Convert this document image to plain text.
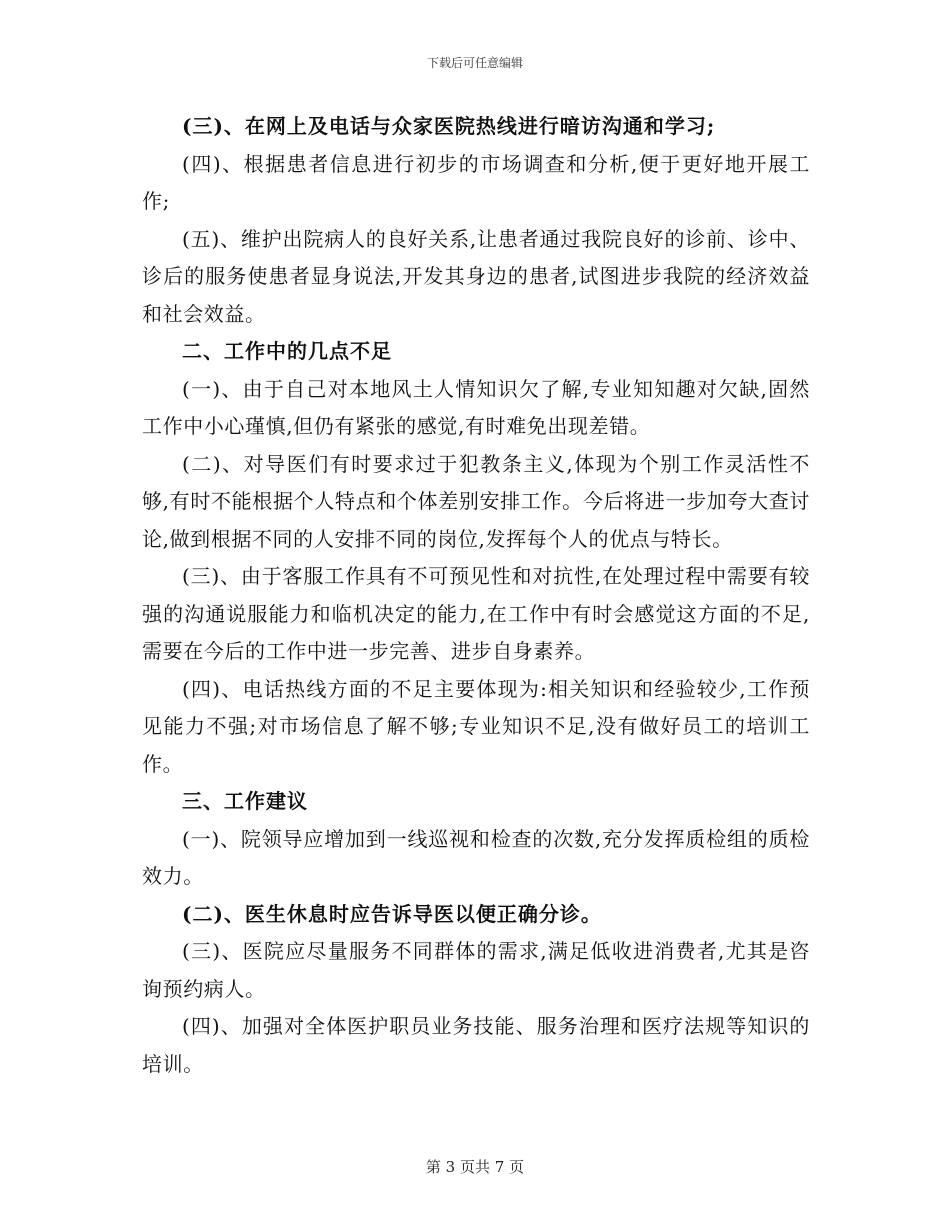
下载后可任意编辑

(三)、在网上及电话与众家医院热线进行暗访沟通和学习;

(四)、根据患者信息进行初步的市场调查和分析,便于更好地开展工作;

(五)、维护出院病人的良好关系,让患者通过我院良好的诊前、诊中、诊后的服务使患者显身说法,开发其身边的患者,试图进步我院的经济效益和社会效益。

二、工作中的几点不足

(一)、由于自己对本地风土人情知识欠了解,专业知知趣对欠缺,固然工作中小心瑾慎,但仍有紧张的感觉,有时难免出现差错。

(二)、对导医们有时要求过于犯教条主义,体现为个别工作灵活性不够,有时不能根据个人特点和个体差别安排工作。今后将进一步加夸大查讨论,做到根据不同的人安排不同的岗位,发挥每个人的优点与特长。

(三)、由于客服工作具有不可预见性和对抗性,在处理过程中需要有较强的沟通说服能力和临机决定的能力,在工作中有时会感觉这方面的不足,需要在今后的工作中进一步完善、进步自身素养。

(四)、电话热线方面的不足主要体现为:相关知识和经验较少,工作预见能力不强;对市场信息了解不够;专业知识不足,没有做好员工的培训工作。

三、工作建议

(一)、院领导应增加到一线巡视和检查的次数,充分发挥质检组的质检效力。

(二)、医生休息时应告诉导医以便正确分诊。

(三)、医院应尽量服务不同群体的需求,满足低收进消费者,尤其是咨询预约病人。

(四)、加强对全体医护职员业务技能、服务治理和医疗法规等知识的培训。

第 3 页共 7 页
